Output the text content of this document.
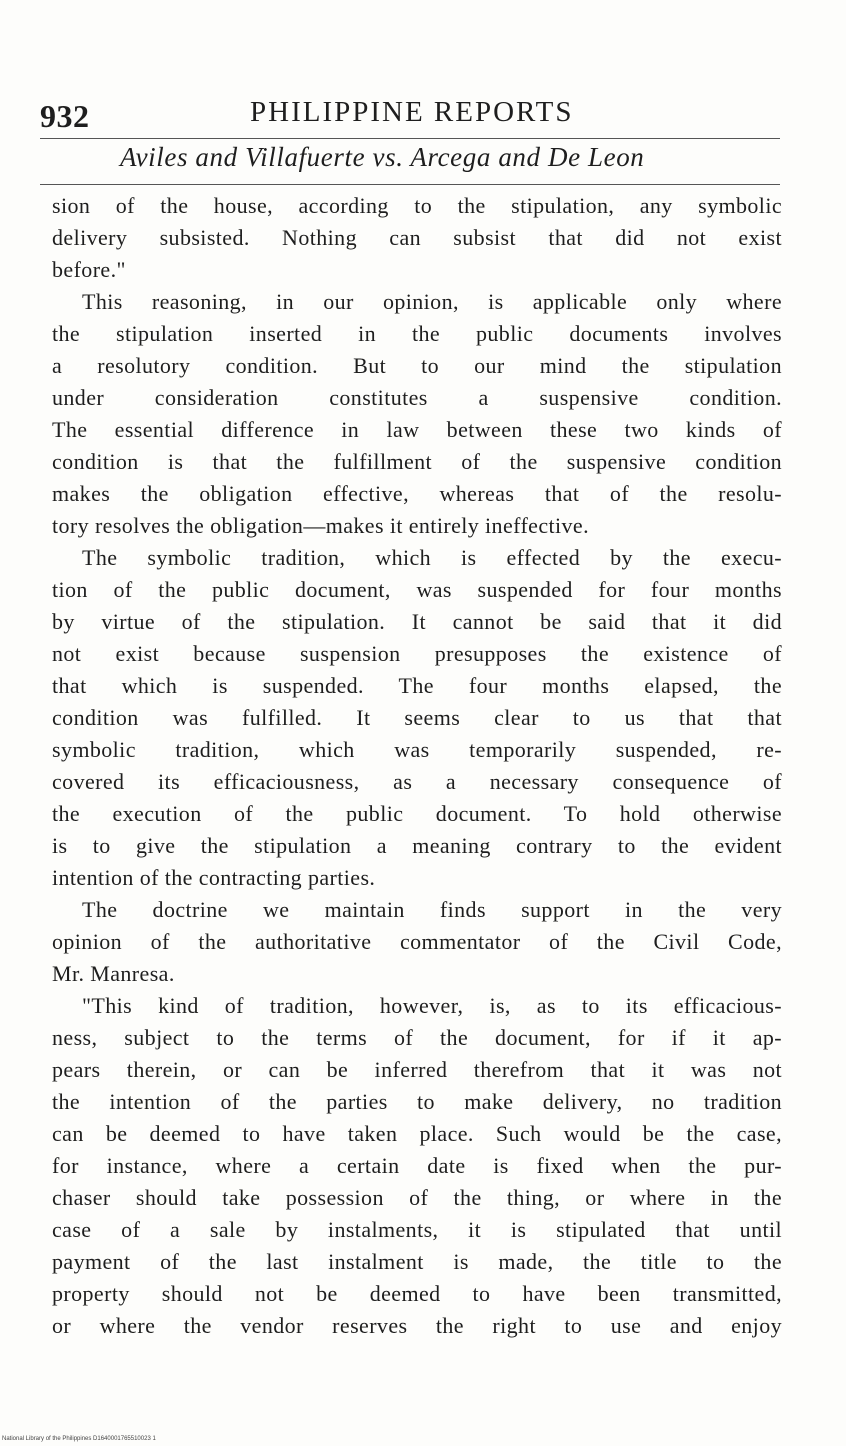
932	PHILIPPINE REPORTS
Aviles and Villafuerte vs. Arcega and De Leon
sion of the house, according to the stipulation, any symbolic
delivery subsisted. Nothing can subsist that did not exist
before."
This reasoning, in our opinion, is applicable only where
the stipulation inserted in the public documents involves
a resolutory condition. But to our mind the stipulation
under consideration constitutes a suspensive condition.
The essential difference in law between these two kinds of
condition is that the fulfillment of the suspensive condition
makes the obligation effective, whereas that of the resolu-
tory resolves the obligation—makes it entirely ineffective.
The symbolic tradition, which is effected by the execu-
tion of the public document, was suspended for four months
by virtue of the stipulation. It cannot be said that it did
not exist because suspension presupposes the existence of
that which is suspended. The four months elapsed, the
condition was fulfilled. It seems clear to us that that
symbolic tradition, which was temporarily suspended, re-
covered its efficaciousness, as a necessary consequence of
the execution of the public document. To hold otherwise
is to give the stipulation a meaning contrary to the evident
intention of the contracting parties.
The doctrine we maintain finds support in the very
opinion of the authoritative commentator of the Civil Code,
Mr. Manresa.
"This kind of tradition, however, is, as to its efficacious-
ness, subject to the terms of the document, for if it ap-
pears therein, or can be inferred therefrom that it was not
the intention of the parties to make delivery, no tradition
can be deemed to have taken place. Such would be the case,
for instance, where a certain date is fixed when the pur-
chaser should take possession of the thing, or where in the
case of a sale by instalments, it is stipulated that until
payment of the last instalment is made, the title to the
property should not be deemed to have been transmitted,
or where the vendor reserves the right to use and enjoy
National Library of the Philippines D1640001765510023 1
